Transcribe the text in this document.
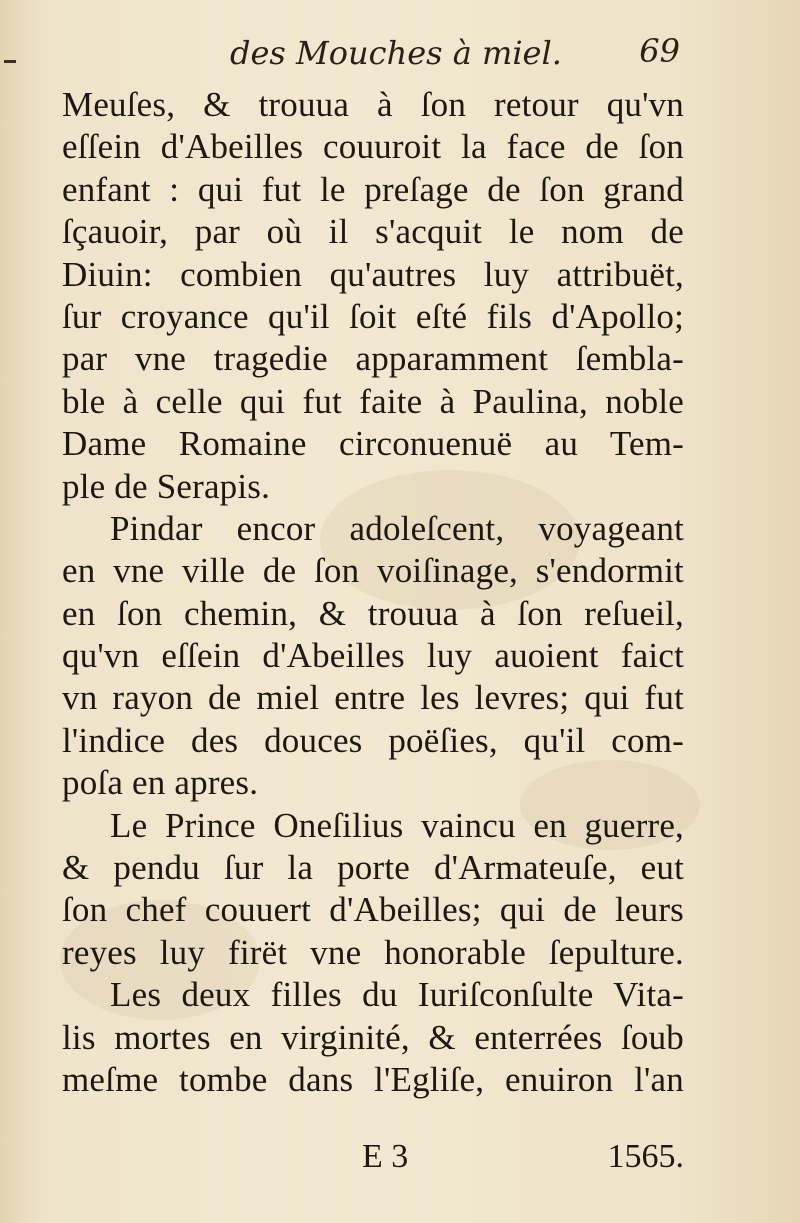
des Mouches à miel. 69
Meuſes, & trouua à ſon retour qu'vn
eſſein d'Abeilles couuroit la face de ſon
enfant : qui fut le preſage de ſon grand
ſçauoir, par où il s'acquit le nom de
Diuin: combien qu'autres luy attribuët,
ſur croyance qu'il ſoit eſté fils d'Apollo;
par vne tragedie apparamment ſembla-
ble à celle qui fut faite à Paulina, noble
Dame Romaine circonuenuë au Tem-
ple de Serapis.
Pindar encor adoleſcent, voyageant
en vne ville de ſon voiſinage, s'endormit
en ſon chemin, & trouua à ſon reſueil,
qu'vn eſſein d'Abeilles luy auoient faict
vn rayon de miel entre les levres; qui fut
l'indice des douces poëſies, qu'il com-
poſa en apres.
Le Prince Oneſilius vaincu en guerre,
& pendu ſur la porte d'Armateuſe, eut
ſon chef couuert d'Abeilles; qui de leurs
reyes luy firët vne honorable ſepulture.
Les deux filles du Iuriſconſulte Vita-
lis mortes en virginité, & enterrées ſoub
meſme tombe dans l'Egliſe, enuiron l'an
E 3	1565.
